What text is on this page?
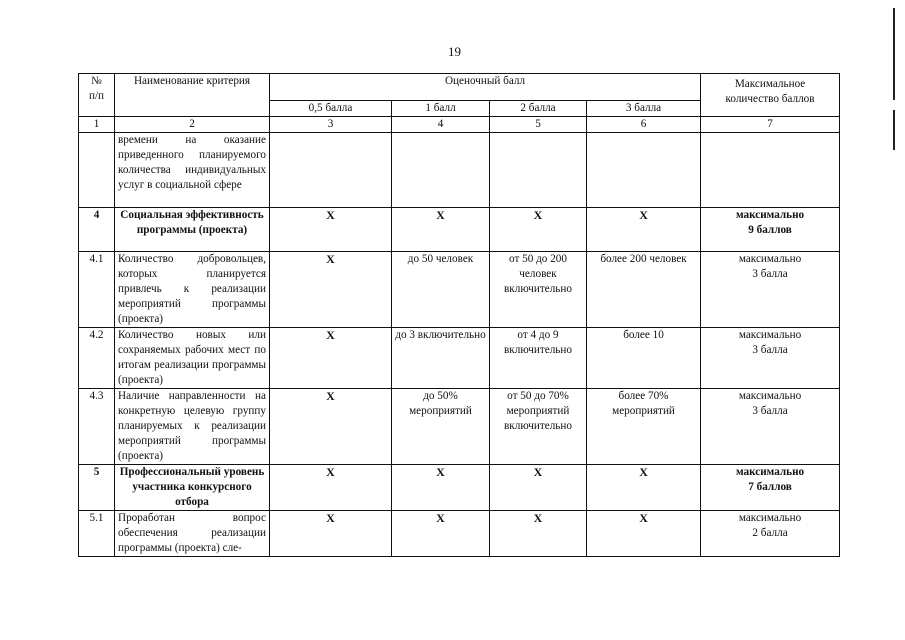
19
№
п/п	Наименование критерия	Оценочный балл				Максимальное
количество баллов
		0,5 балла	1 балл	2 балла	3 балла	
1	2	3	4	5	6	7
	времени на оказание приведенного планируемого количества индивидуальных услуг в социальной сфере					
4	Социальная эффективность программы (проекта)	X	X	X	X	максимально
9 баллов
4.1	Количество добровольцев, которых планируется привлечь к реализации мероприятий программы (проекта)	X	до 50 человек	от 50 до 200 человек включительно	более 200 человек	максимально
3 балла
4.2	Количество новых или сохраняемых рабочих мест по итогам реализации программы (проекта)	X	до 3 включительно	от 4 до 9 включительно	более 10	максимально
3 балла
4.3	Наличие направленности на конкретную целевую группу планируемых к реализации мероприятий программы (проекта)	X	до 50% мероприятий	от 50 до 70% мероприятий включительно	более 70% мероприятий	максимально
3 балла
5	Профессиональный уровень участника конкурсного отбора	X	X	X	X	максимально
7 баллов
5.1	Проработан вопрос обеспечения реализации программы (проекта) сле-	X	X	X	X	максимально
2 балла
